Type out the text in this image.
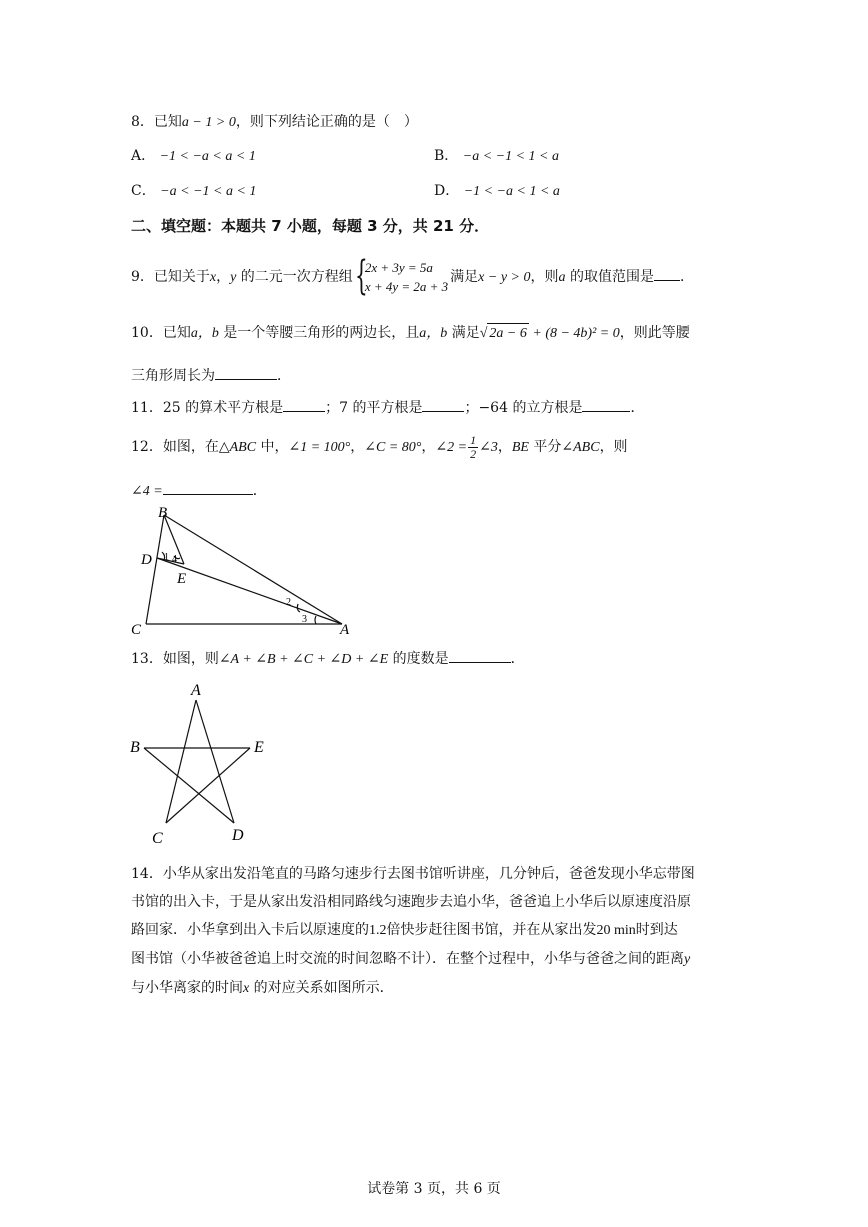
8．已知a − 1 > 0，则下列结论正确的是（　）
A． −1 < −a < a < 1	B． −a < −1 < 1 < a
C． −a < −1 < a < 1	D． −1 < −a < 1 < a
二、填空题：本题共 7 小题，每题 3 分，共 21 分．
9．已知关于x，y 的二元一次方程组 {
2x + 3y = 5a
x + 4y = 2a + 3
满足x − y > 0，则a 的取值范围是 ．
10．已知a，b 是一个等腰三角形的两边长，且a，b 满足√ 2a − 6 + (8 − 4b)² = 0，则此等腰
三角形周长为	．
11．25 的算术平方根是	；7 的平方根是	；−64 的立方根是	．
12．如图，在△ABC 中，∠1 = 100°，∠C = 80°，∠2 = $\frac{1}{2}$ ∠3，BE 平分∠ABC，则
∠4 =	．
B
D
E
C	A
1 4
2
3
13．如图，则∠A + ∠B + ∠C + ∠D + ∠E 的度数是	．
A
B	E
C	D
14．小华从家出发沿笔直的马路匀速步行去图书馆听讲座，几分钟后，爸爸发现小华忘带图
书馆的出入卡，于是从家出发沿相同路线匀速跑步去追小华，爸爸追上小华后以原速度沿原
路回家．小华拿到出入卡后以原速度的1.2倍快步赶往图书馆，并在从家出发20 min时到达
图书馆（小华被爸爸追上时交流的时间忽略不计）．在整个过程中，小华与爸爸之间的距离y
与小华离家的时间x 的对应关系如图所示．
试卷第 3 页，共 6 页
